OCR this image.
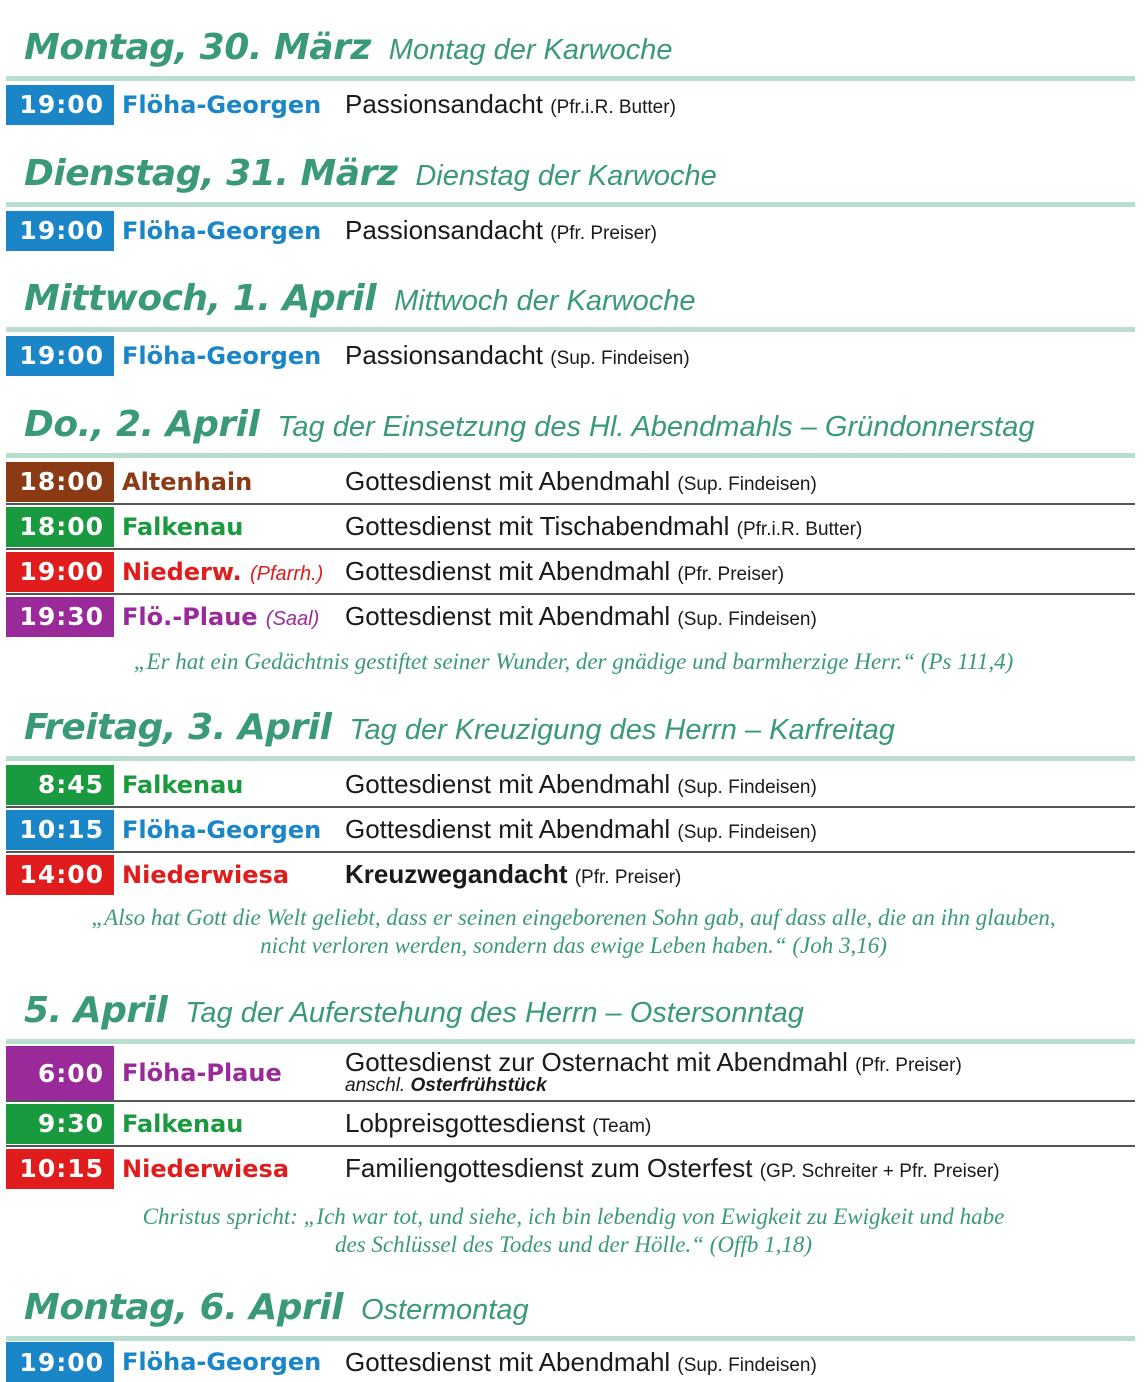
Montag, 30. März Montag der Karwoche
19:00 Flöha-Georgen Passionsandacht (Pfr.i.R. Butter)
Dienstag, 31. März Dienstag der Karwoche
19:00 Flöha-Georgen Passionsandacht (Pfr. Preiser)
Mittwoch, 1. April Mittwoch der Karwoche
19:00 Flöha-Georgen Passionsandacht (Sup. Findeisen)
Do., 2. April Tag der Einsetzung des Hl. Abendmahls – Gründonnerstag
18:00 Altenhain	Gottesdienst mit Abendmahl (Sup. Findeisen)
18:00 Falkenau	Gottesdienst mit Tischabendmahl (Pfr.i.R. Butter)
19:00 Niederw. (Pfarrh.) Gottesdienst mit Abendmahl (Pfr. Preiser)
19:30 Flö.-Plaue (Saal) Gottesdienst mit Abendmahl (Sup. Findeisen)
„Er hat ein Gedächtnis gestiftet seiner Wunder, der gnädige und barmherzige Herr.“ (Ps 111,4)
Freitag, 3. April Tag der Kreuzigung des Herrn – Karfreitag
8:45 Falkenau	Gottesdienst mit Abendmahl (Sup. Findeisen)
10:15 Flöha-Georgen Gottesdienst mit Abendmahl (Sup. Findeisen)
14:00 Niederwiesa Kreuzwegandacht (Pfr. Preiser)
„Also hat Gott die Welt geliebt, dass er seinen eingeborenen Sohn gab, auf dass alle, die an ihn glauben,
nicht verloren werden, sondern das ewige Leben haben.“ (Joh 3,16)
5. April Tag der Auferstehung des Herrn – Ostersonntag
6:00 Flöha-Plaue Gottesdienst zur Osternacht mit Abendmahl (Pfr. Preiser)
anschl. Osterfrühstück
9:30 Falkenau	Lobpreisgottesdienst (Team)
10:15 Niederwiesa Familiengottesdienst zum Osterfest (GP. Schreiter + Pfr. Preiser)
Christus spricht: „Ich war tot, und siehe, ich bin lebendig von Ewigkeit zu Ewigkeit und habe
des Schlüssel des Todes und der Hölle.“ (Offb 1,18)
Montag, 6. April Ostermontag
19:00 Flöha-Georgen Gottesdienst mit Abendmahl (Sup. Findeisen)
